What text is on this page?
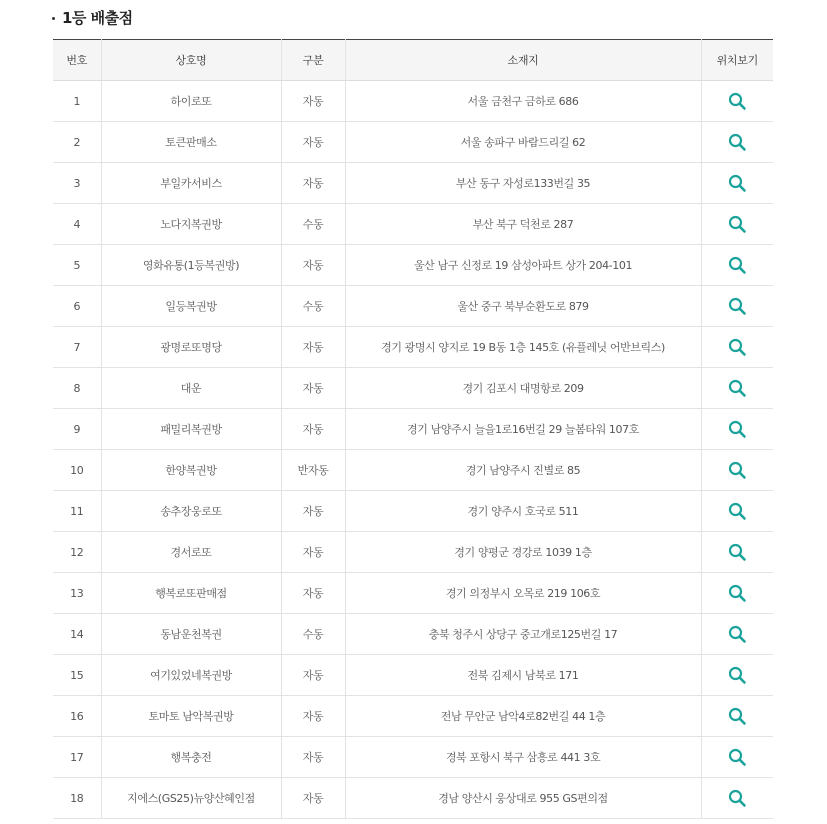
1등 배출점
번호	상호명	구분	소재지	위치보기
1	하이로또	자동	서울 금천구 금하로 686	

2	토큰판매소	자동	서울 송파구 바람드리길 62	

3	부일카서비스	자동	부산 동구 자성로133번길 35	

4	노다지복권방	수동	부산 북구 덕천로 287	

5	영화유통(1등복권방)	자동	울산 남구 신정로 19 삼성아파트 상가 204-101	

6	일등복권방	수동	울산 중구 북부순환도로 879	

7	광명로또명당	자동	경기 광명시 양지로 19 B동 1층 145호 (유플레닛 어반브릭스)	

8	대운	자동	경기 김포시 대명항로 209	

9	패밀리복권방	자동	경기 남양주시 늘을1로16번길 29 늘봄타워 107호	

10	한양복권방	반자동	경기 남양주시 진별로 85	

11	송추장웅로또	자동	경기 양주시 호국로 511	

12	경서로또	자동	경기 양평군 경강로 1039 1층	

13	행복로또판매점	자동	경기 의정부시 오목로 219 106호	

14	동남운천복권	수동	충북 청주시 상당구 중고개로125번길 17	

15	여기있었네복권방	자동	전북 김제시 남북로 171	

16	토마토 남악복권방	자동	전남 무안군 남악4로82번길 44 1층	

17	행복충전	자동	경북 포항시 북구 삼흥로 441 3호	

18	지에스(GS25)뉴양산혜인점	자동	경남 양산시 웅상대로 955 GS편의점	
